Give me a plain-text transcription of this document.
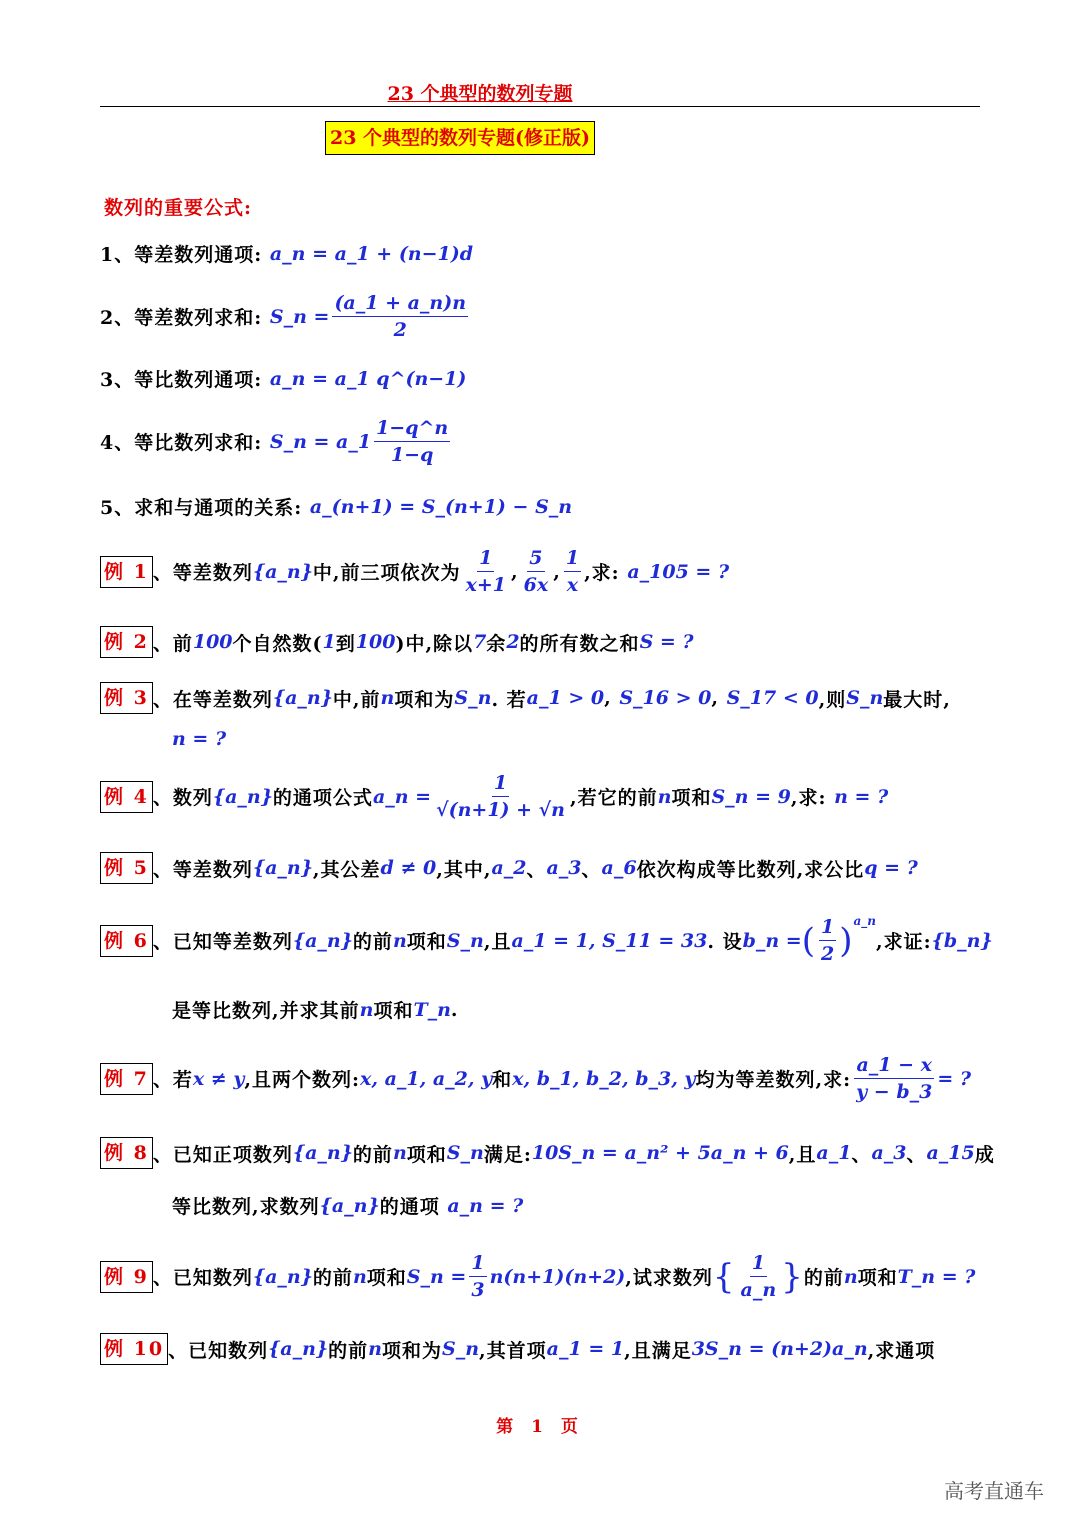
23 个典型的数列专题
23 个典型的数列专题(修正版)
数列的重要公式:
1、等差数列通项:
a_n = a_1 + (n−1)d
2、等差数列求和:
S_n = $\frac{(a\_1 + a\_n)n}{2}$
3、等比数列通项:
a_n = a_1 q^(n−1)
4、等比数列求和:
S_n = a_1 $\frac{1-q\^{}n}{1-q}$
5、求和与通项的关系:
a_(n+1) = S_(n+1) − S_n
例 1 、等差数列 {a_n} 中,前三项依次为 $\frac{1}{x+1}$ , $\frac{5}{6x}$ , $\frac{1}{x}$ ,求:
a_105 = ?
例 2 、前 100 个自然数( 1 到 100 )中,除以 7 余 2 的所有数之和 S = ?
例 3 、在等差数列 {a_n} 中,前 n 项和为 S_n . 若 a_1 > 0 , S_16 > 0 , S_17 < 0 ,则 S_n 最大时,
n = ?
例 4 、数列 {a_n} 的通项公式 a_n = $\frac{1}{√(n+1) + √n}$ ,若它的前 n 项和 S_n = 9 ,求:
n = ?
例 5 、等差数列 {a_n} ,其公差 d ≠ 0 ,其中, a_2 、 a_3 、 a_6 依次构成等比数列,求公比 q = ?
例 6 、已知等差数列 {a_n} 的前 n 项和 S_n ,且 a_1 = 1, S_11 = 33 . 设 b_n = ( $\frac{1}{2} )^{a\_n}$
,求证: {b_n}
是等比数列,并求其前 n 项和 T_n .
例 7 、若 x ≠ y ,且两个数列: x, a_1, a_2, y 和 x, b_1, b_2, b_3, y 均为等差数列,求: $\frac{a\_1 - x}{y - b\_3}$ = ?
例 8 、已知正项数列 {a_n} 的前 n 项和 S_n 满足: 10S_n = a_n² + 5a_n + 6 ,且 a_1 、 a_3 、 a_15 成
等比数列,求数列 {a_n} 的通项
a_n = ?
例 9 、已知数列 {a_n} 的前 n 项和 S_n = $\frac{1}{3} n(n+1)(n+2)$ ,试求数列 { $\frac{1}{a\_n}$ } 的前 n 项和 T_n = ?
例 10 、已知数列 {a_n} 的前 n 项和为 S_n ,其首项 a_1 = 1 ,且满足 3S_n = (n+2)a_n ,求通项
第 1 页
高考直通车
